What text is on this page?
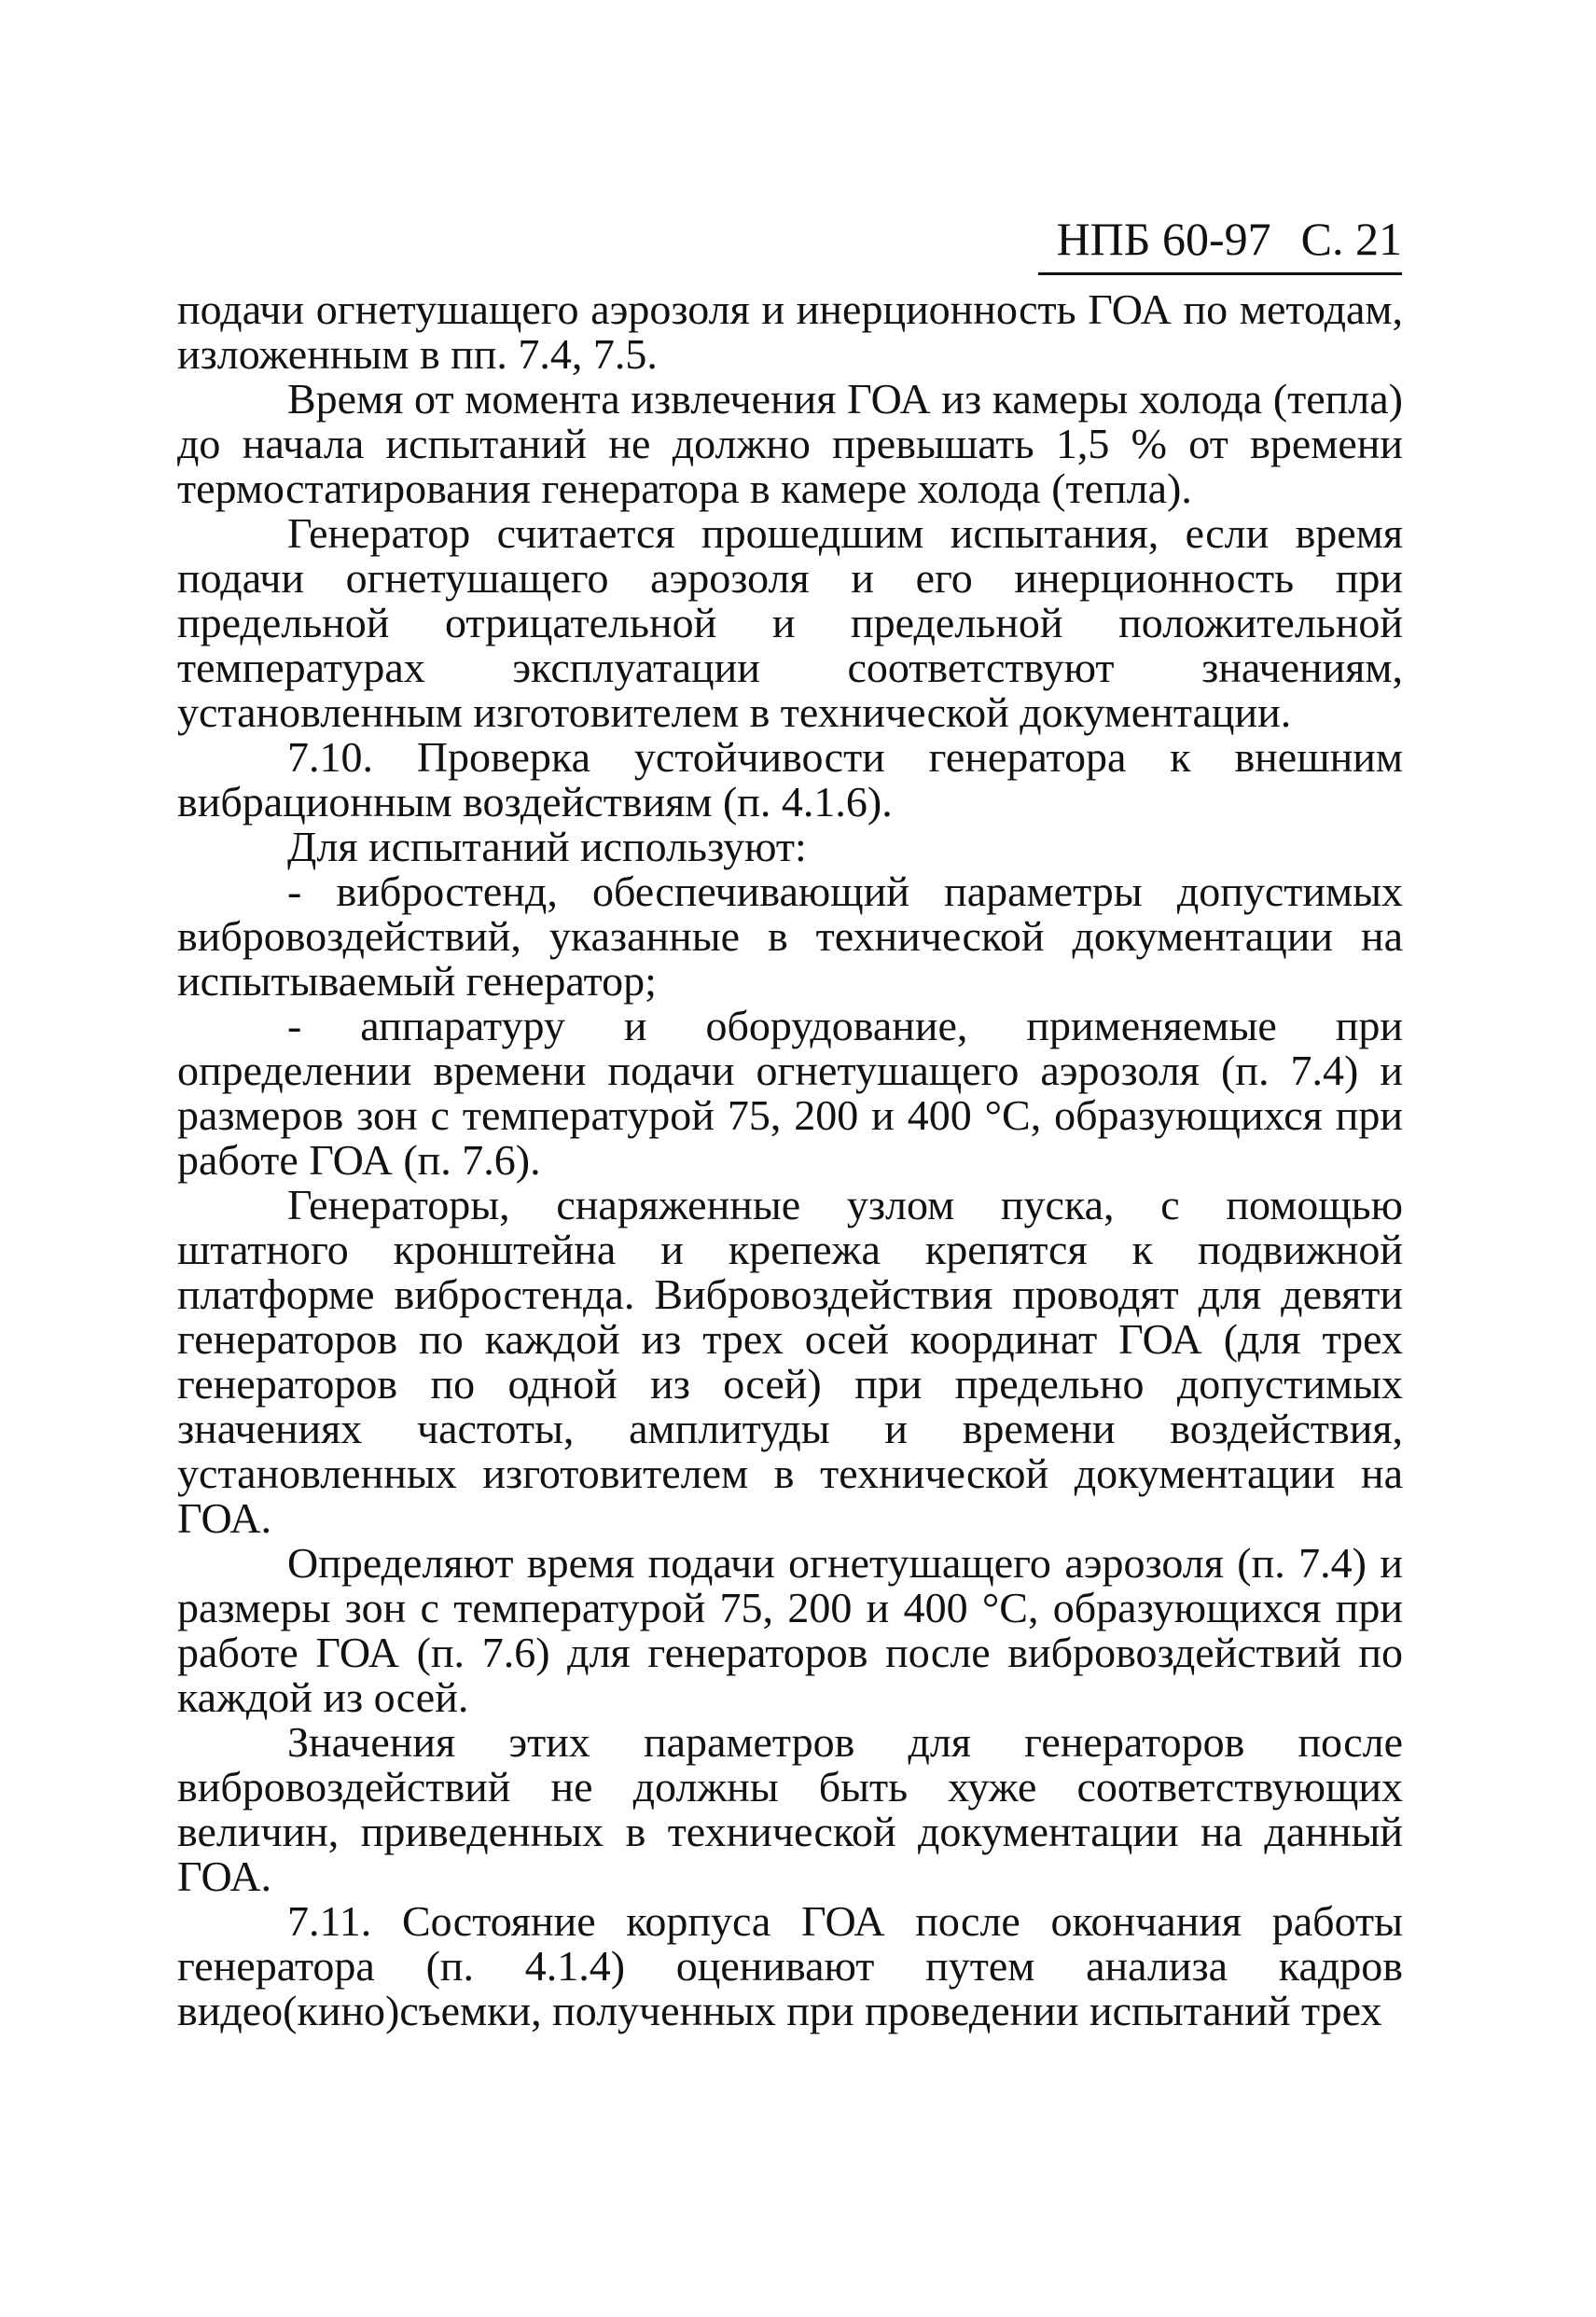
НПБ 60-97 С. 21

подачи огнетушащего аэрозоля и инерционность ГОА по методам, изложенным в пп. 7.4, 7.5.

Время от момента извлечения ГОА из камеры холода (тепла) до начала испытаний не должно превышать 1,5 % от времени термостатирования генератора в камере холода (тепла).

Генератор считается прошедшим испытания, если время подачи огнетушащего аэрозоля и его инерционность при предельной отрицательной и предельной положительной температурах эксплуатации соответствуют значениям, установленным изготовителем в технической документации.

7.10. Проверка устойчивости генератора к внешним вибрационным воздействиям (п. 4.1.6).

Для испытаний используют:

- вибростенд, обеспечивающий параметры допустимых вибровоздействий, указанные в технической документации на испытываемый генератор;

- аппаратуру и оборудование, применяемые при определении времени подачи огнетушащего аэрозоля (п. 7.4) и размеров зон с температурой 75, 200 и 400 °С, образующихся при работе ГОА (п. 7.6).

Генераторы, снаряженные узлом пуска, с помощью штатного кронштейна и крепежа крепятся к подвижной платформе вибростенда. Вибровоздействия проводят для девяти генераторов по каждой из трех осей координат ГОА (для трех генераторов по одной из осей) при предельно допустимых значениях частоты, амплитуды и времени воздействия, установленных изготовителем в технической документации на ГОА.

Определяют время подачи огнетушащего аэрозоля (п. 7.4) и размеры зон с температурой 75, 200 и 400 °С, образующихся при работе ГОА (п. 7.6) для генераторов после вибровоздействий по каждой из осей.

Значения этих параметров для генераторов после вибровоздействий не должны быть хуже соответствующих величин, приведенных в технической документации на данный ГОА.

7.11. Состояние корпуса ГОА после окончания работы генератора (п. 4.1.4) оценивают путем анализа кадров видео(кино)съемки, полученных при проведении испытаний трех
